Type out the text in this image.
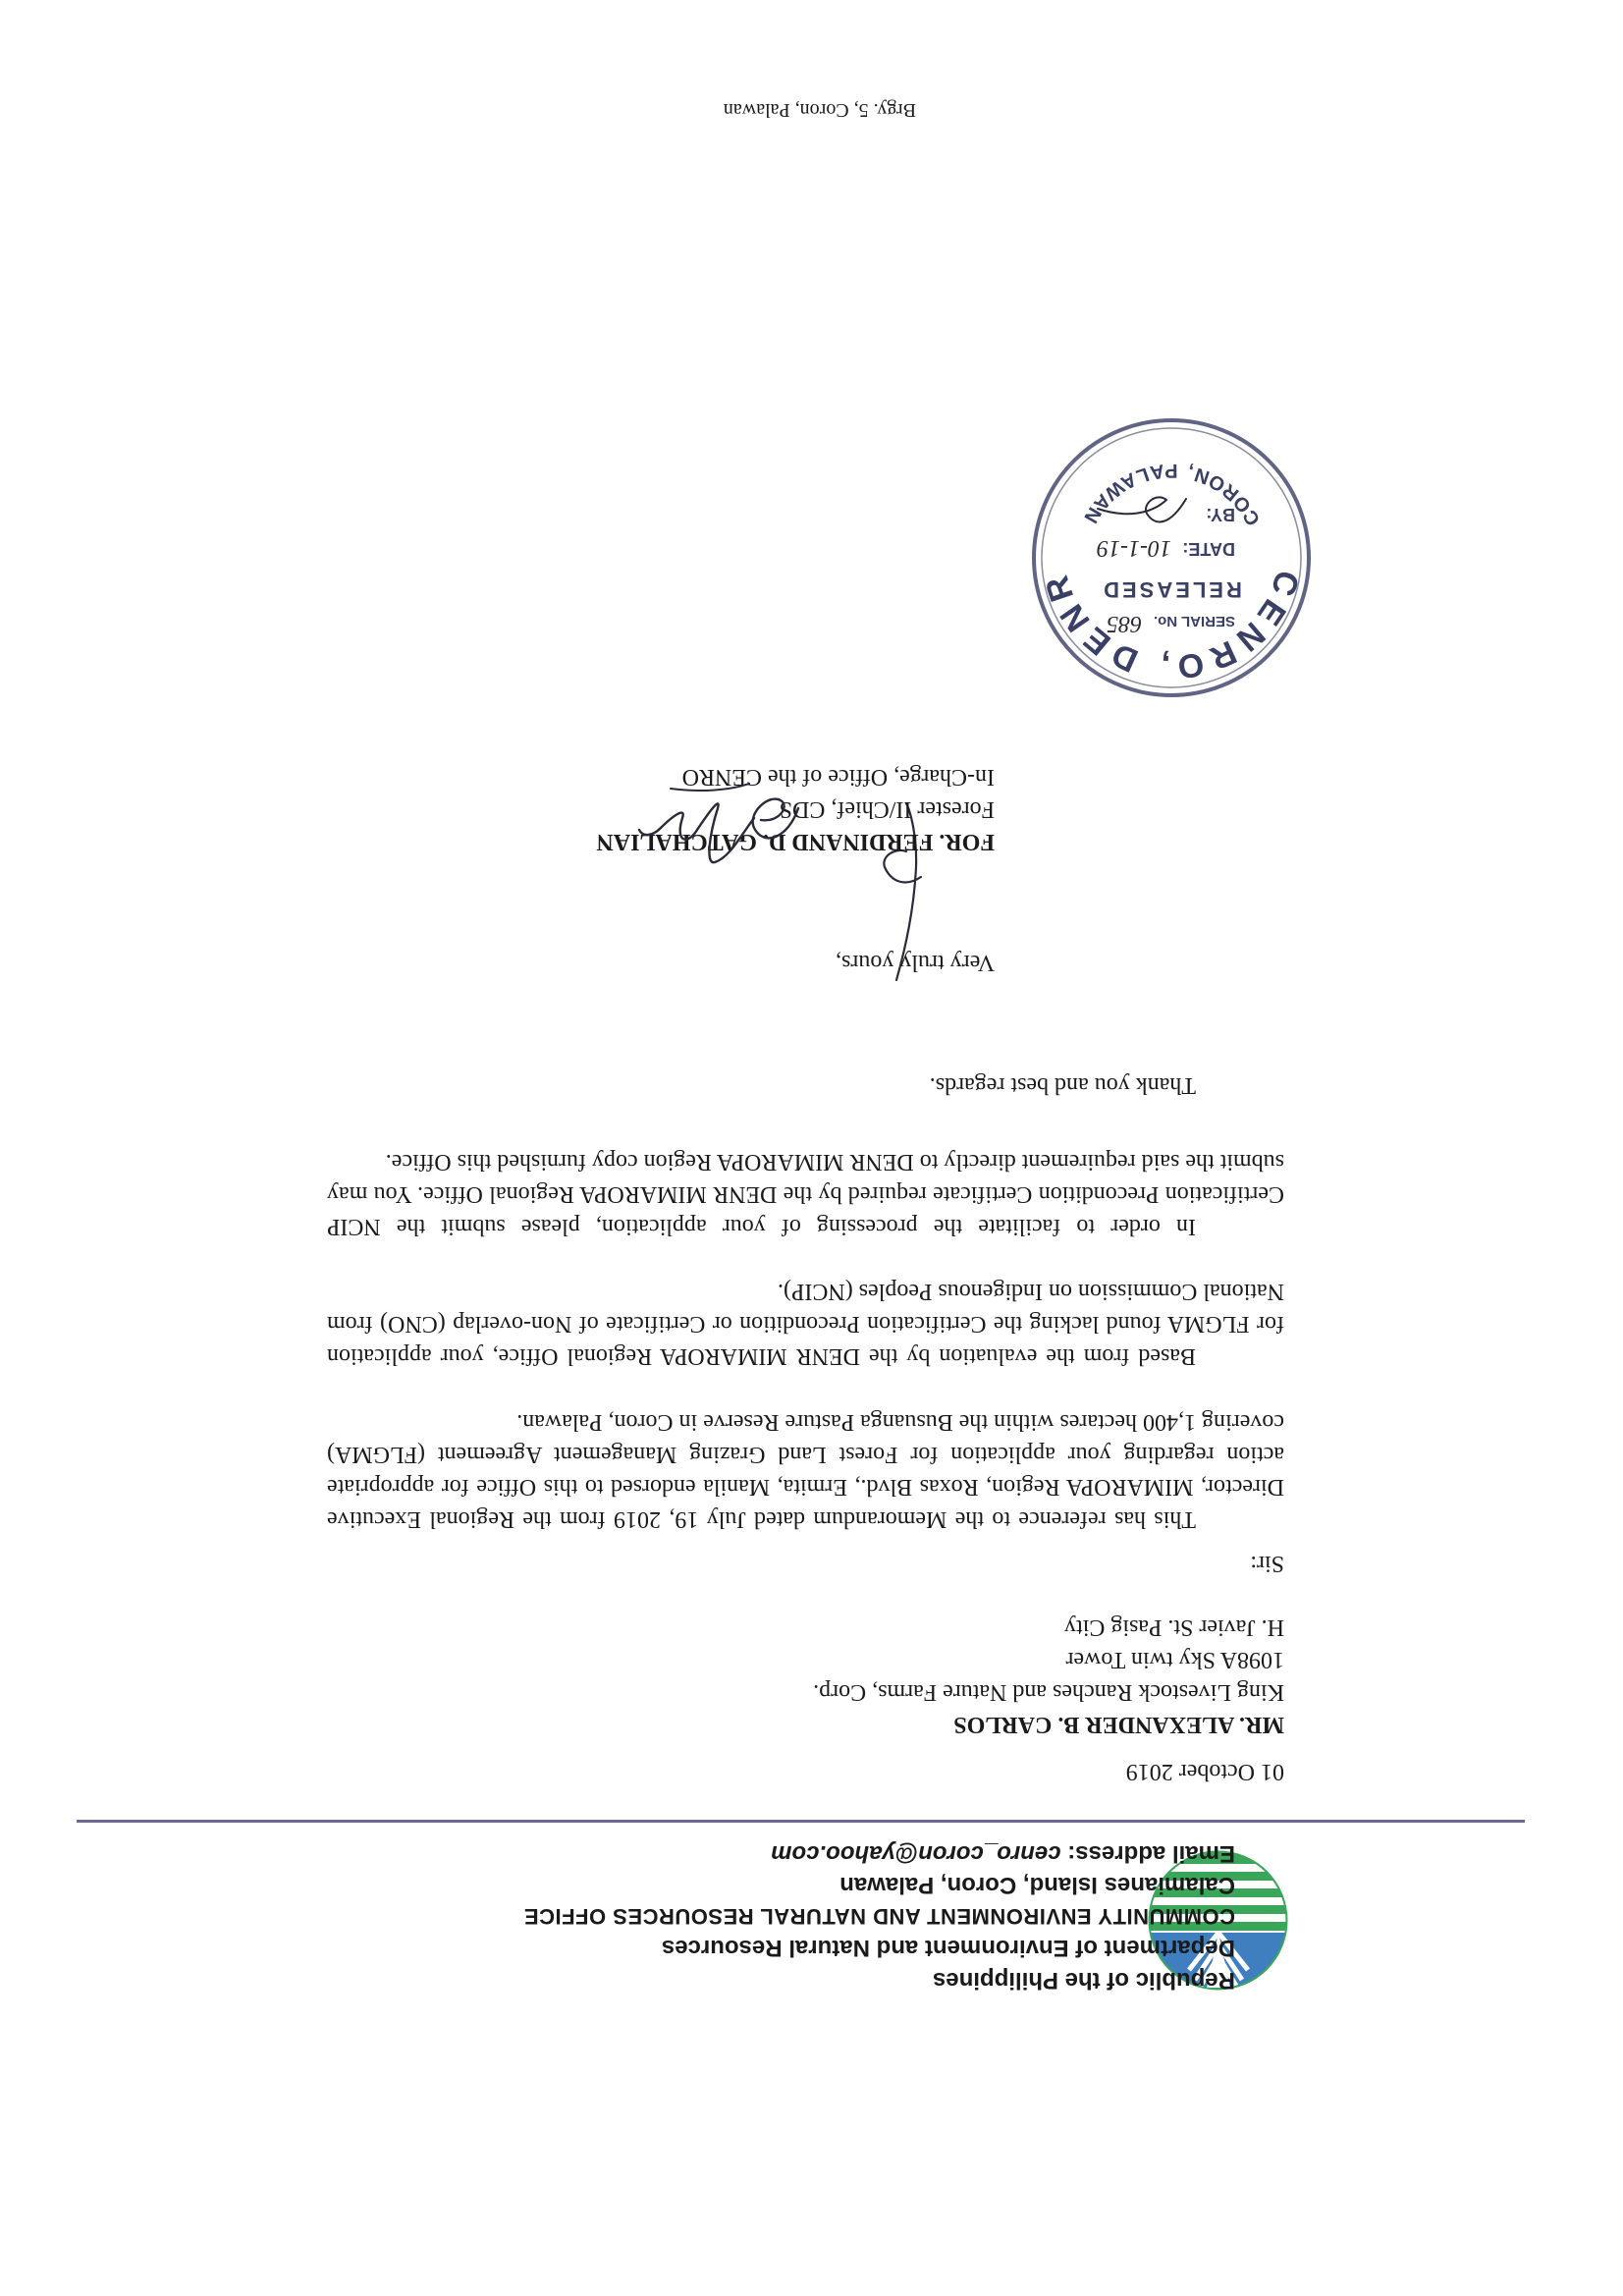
Republic of the Philippines
Department of Environment and Natural Resources
COMMUNITY ENVIRONMENT AND NATURAL RESOURCES OFFICE
Calamianes Island, Coron, Palawan
Email address: cenro_coron@yahoo.com
01 October 2019
MR. ALEXANDER B. CARLOS
King Livestock Ranches and Nature Farms, Corp.
1098A Sky twin Tower
H. Javier St. Pasig City
Sir:

This has reference to the Memorandum dated July 19, 2019 from the Regional Executive Director, MIMAROPA Region, Roxas Blvd., Ermita, Manila endorsed to this Office for appropriate action regarding your application for Forest Land Grazing Management Agreement (FLGMA) covering 1,400 hectares within the Busuanga Pasture Reserve in Coron, Palawan.

Based from the evaluation by the DENR MIMAROPA Regional Office, your application for FLGMA found lacking the Certification Precondition or Certificate of Non-overlap (CNO) from National Commission on Indigenous Peoples (NCIP).

In order to facilitate the processing of your application, please submit the NCIP Certification Precondition Certificate required by the DENR MIMAROPA Regional Office. You may submit the said requirement directly to DENR MIMAROPA Region copy furnished this Office.

Thank you and best regards.
Very truly yours,
FOR. FERDINAND D. GATCHALIAN
Forester II/Chief, CDS
In-Charge, Office of the CENRO
CENRO, DENR
CORON, PALAWAN
SERIAL No.
685
RELEASED
DATE:
10-1-19
BY:
Brgy. 5, Coron, Palawan
